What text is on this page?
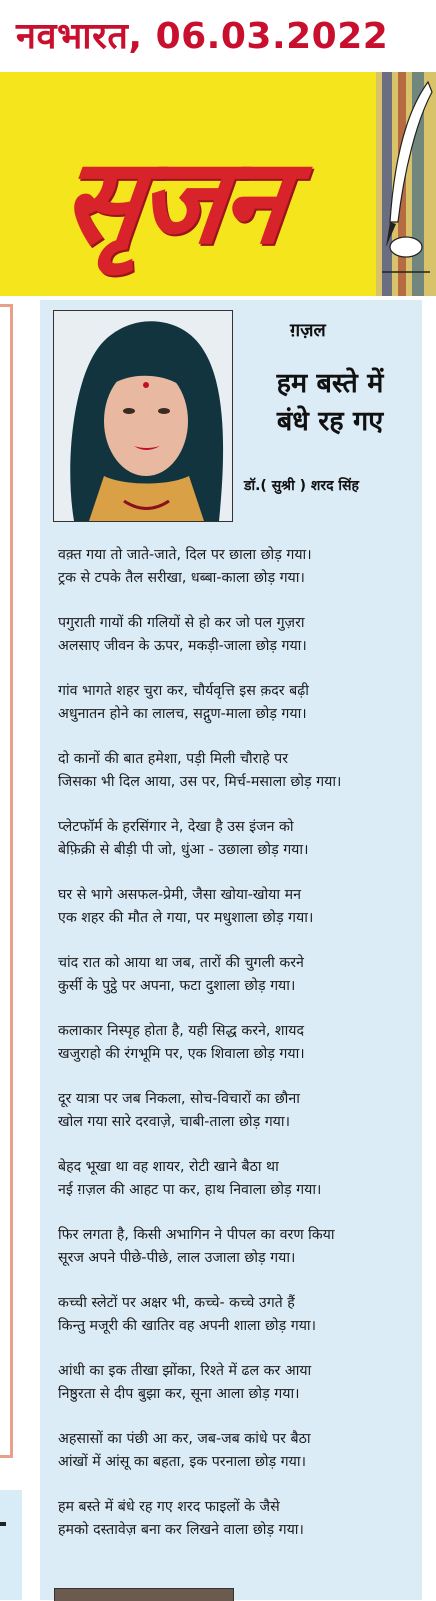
नवभारत, 06.03.2022
सृजन
ग़ज़ल
हम बस्ते में
बंधे रह गए
डॉ.( सुश्री ) शरद सिंह
वक़्त गया तो जाते-जाते, दिल पर छाला छोड़ गया।
ट्रक से टपके तैल सरीखा, धब्बा-काला छोड़ गया।
पगुराती गायों की गलियों से हो कर जो पल गुज़रा
अलसाए जीवन के ऊपर, मकड़ी-जाला छोड़ गया।
गांव भागते शहर चुरा कर, चौर्यवृत्ति इस क़दर बढ़ी
अधुनातन होने का लालच, सद्गुण-माला छोड़ गया।
दो कानों की बात हमेशा, पड़ी मिली चौराहे पर
जिसका भी दिल आया, उस पर, मिर्च-मसाला छोड़ गया।
प्लेटफॉर्म के हरसिंगार ने, देखा है उस इंजन को
बेफ़िक्री से बीड़ी पी जो, धुंआ - उछाला छोड़ गया।
घर से भागे असफल-प्रेमी, जैसा खोया-खोया मन
एक शहर की मौत ले गया, पर मधुशाला छोड़ गया।
चांद रात को आया था जब, तारों की चुगली करने
कुर्सी के पुट्ठे पर अपना, फटा दुशाला छोड़ गया।
कलाकार निस्पृह होता है, यही सिद्ध करने, शायद
खजुराहो की रंगभूमि पर, एक शिवाला छोड़ गया।
दूर यात्रा पर जब निकला, सोच-विचारों का छौना
खोल गया सारे दरवाज़े, चाबी-ताला छोड़ गया।
बेहद भूखा था वह शायर, रोटी खाने बैठा था
नई ग़ज़ल की आहट पा कर, हाथ निवाला छोड़ गया।
फिर लगता है, किसी अभागिन ने पीपल का वरण किया
सूरज अपने पीछे-पीछे, लाल उजाला छोड़ गया।
कच्ची स्लेटों पर अक्षर भी, कच्चे- कच्चे उगते हैं
किन्तु मजूरी की खातिर वह अपनी शाला छोड़ गया।
आंधी का इक तीखा झोंका, रिश्ते में ढल कर आया
निष्ठुरता से दीप बुझा कर, सूना आला छोड़ गया।
अहसासों का पंछी आ कर, जब-जब कांधे पर बैठा
आंखों में आंसू का बहता, इक परनाला छोड़ गया।
हम बस्ते में बंधे रह गए शरद फाइलों के जैसे
हमको दस्तावेज़ बना कर लिखने वाला छोड़ गया।
